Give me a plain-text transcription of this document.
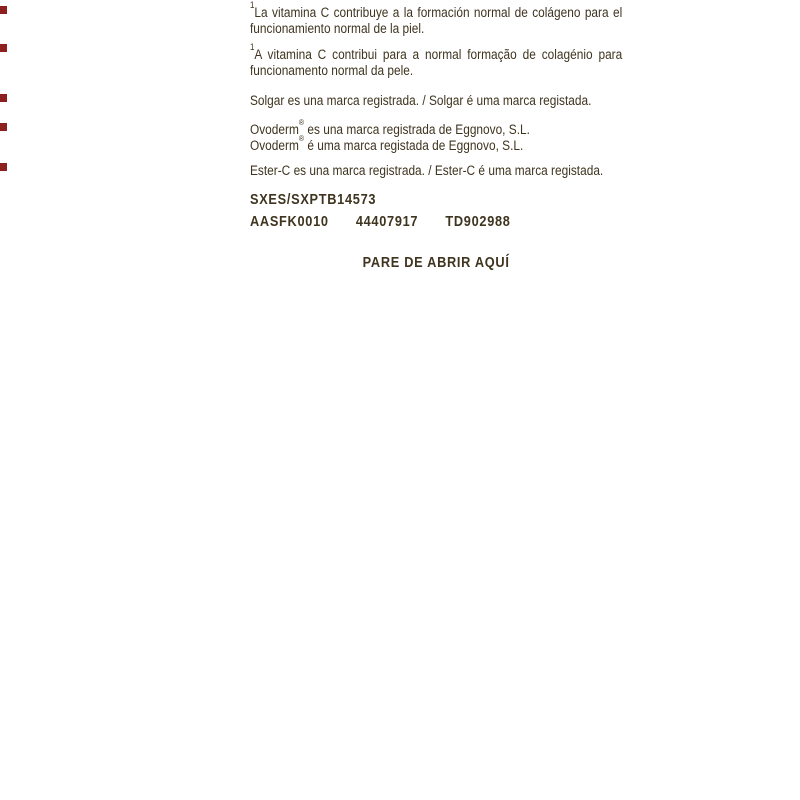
$^1$La vitamina C contribuye a la formación normal de colágeno para el
funcionamiento normal de la piel.
$^1$A vitamina C contribui para a normal formação de colagénio para
funcionamento normal da pele.
Solgar es una marca registrada. / Solgar é uma marca registada.
Ovoderm® es una marca registrada de Eggnovo, S.L.
Ovoderm® é uma marca registada de Eggnovo, S.L.
Ester-C es una marca registrada. / Ester-C é uma marca registada.
SXES/SXPTB14573
AASFK0010 44407917 TD902988
PARE DE ABRIR AQUÍ
